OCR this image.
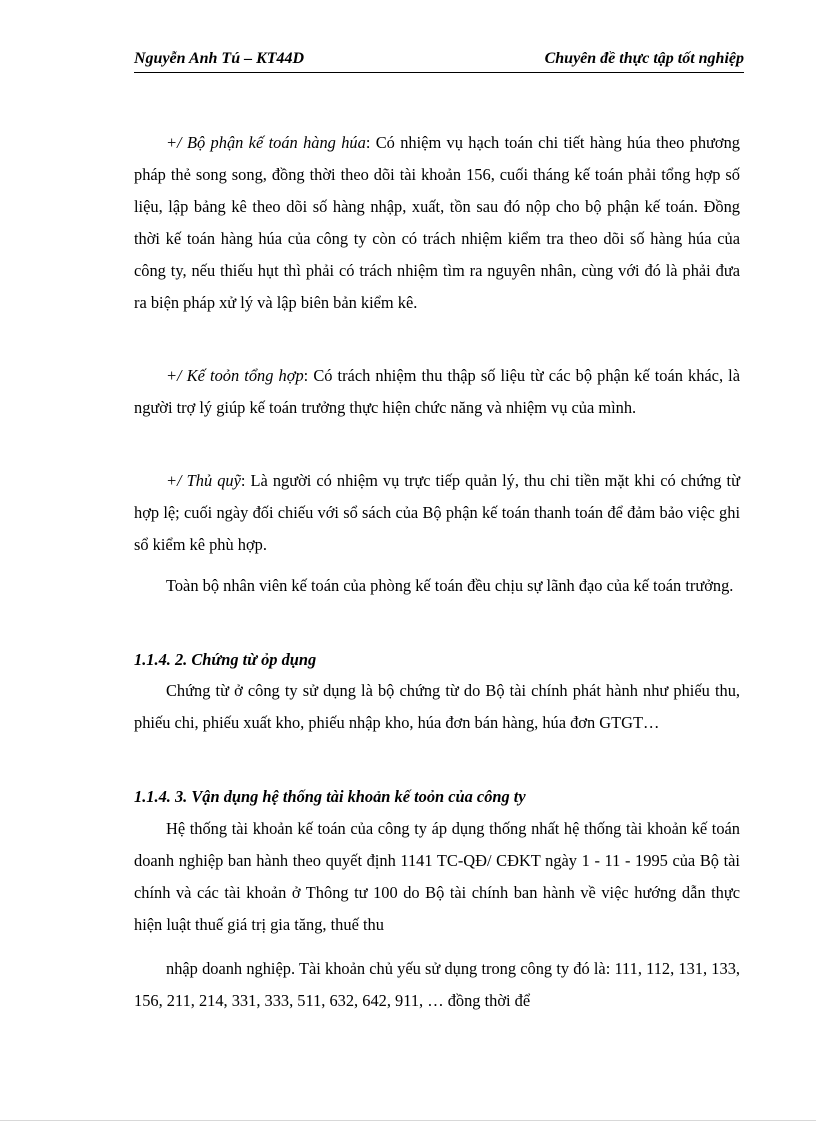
Nguyễn Anh Tú – KT44D	Chuyên đề thực tập tốt nghiệp

+/ Bộ phận kế toán hàng húa: Có nhiệm vụ hạch toán chi tiết hàng húa theo phương pháp thẻ song song, đồng thời theo dõi tài khoản 156, cuối tháng kế toán phải tổng hợp số liệu, lập bảng kê theo dõi số hàng nhập, xuất, tồn sau đó nộp cho bộ phận kế toán. Đồng thời kế toán hàng húa của công ty còn có trách nhiệm kiểm tra theo dõi số hàng húa của công ty, nếu thiếu hụt thì phải có trách nhiệm tìm ra nguyên nhân, cùng với đó là phải đưa ra biện pháp xử lý và lập biên bản kiểm kê.

+/ Kế toỏn tổng hợp: Có trách nhiệm thu thập số liệu từ các bộ phận kế toán khác, là người trợ lý giúp kế toán trưởng thực hiện chức năng và nhiệm vụ của mình.

+/ Thủ quỹ: Là người có nhiệm vụ trực tiếp quản lý, thu chi tiền mặt khi có chứng từ hợp lệ; cuối ngày đối chiếu với sổ sách của Bộ phận kế toán thanh toán để đảm bảo việc ghi sổ kiểm kê phù hợp.

Toàn bộ nhân viên kế toán của phòng kế toán đều chịu sự lãnh đạo của kế toán trưởng.

1.1.4. 2. Chứng từ ỏp dụng

Chứng từ ở công ty sử dụng là bộ chứng từ do Bộ tài chính phát hành như phiếu thu, phiếu chi, phiếu xuất kho, phiếu nhập kho, húa đơn bán hàng, húa đơn GTGT…

1.1.4. 3. Vận dụng hệ thống tài khoản kế toỏn của công ty

Hệ thống tài khoản kế toán của công ty áp dụng thống nhất hệ thống tài khoản kế toán doanh nghiệp ban hành theo quyết định 1141 TC-QĐ/ CĐKT ngày 1 - 11 - 1995 của Bộ tài chính và các tài khoản ở Thông tư 100 do Bộ tài chính ban hành về việc hướng dẫn thực hiện luật thuế giá trị gia tăng, thuế thu

nhập doanh nghiệp. Tài khoản chủ yếu sử dụng trong công ty đó là: 111, 112, 131, 133, 156, 211, 214, 331, 333, 511, 632, 642, 911, … đồng thời để
